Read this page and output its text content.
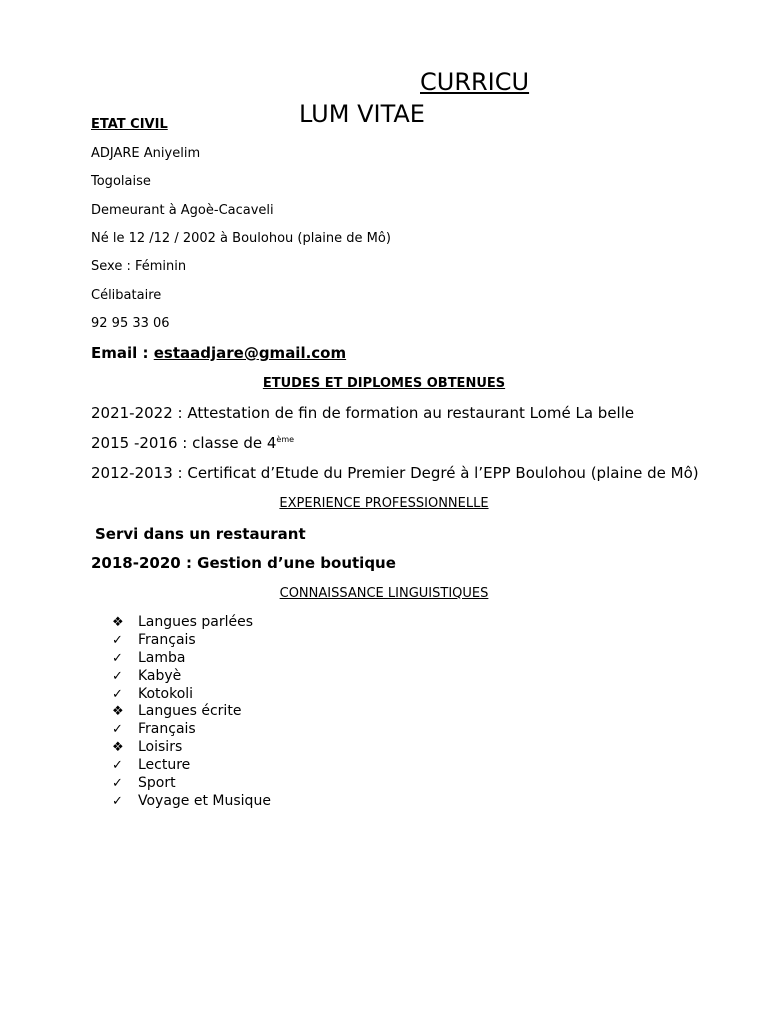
CURRICU
LUM VITAE
ETAT CIVIL
ADJARE Aniyelim
Togolaise
Demeurant à Agoè-Cacaveli
Né le 12 /12 / 2002 à Boulohou (plaine de Mô)
Sexe : Féminin
Célibataire
92 95 33 06
Email : estaadjare@gmail.com
ETUDES ET DIPLOMES OBTENUES
2021-2022 : Attestation de fin de formation au restaurant Lomé La belle
2015 -2016 : classe de 4ème
2012-2013 : Certificat d’Etude du Premier Degré à l’EPP Boulohou (plaine de Mô)
EXPERIENCE PROFESSIONNELLE
Servi dans un restaurant
2018-2020 : Gestion d’une boutique
CONNAISSANCE LINGUISTIQUES
❖ Langues parlées
✓ Français
✓ Lamba
✓ Kabyè
✓ Kotokoli
❖ Langues écrite
✓ Français
❖ Loisirs
✓ Lecture
✓ Sport
✓ Voyage et Musique
